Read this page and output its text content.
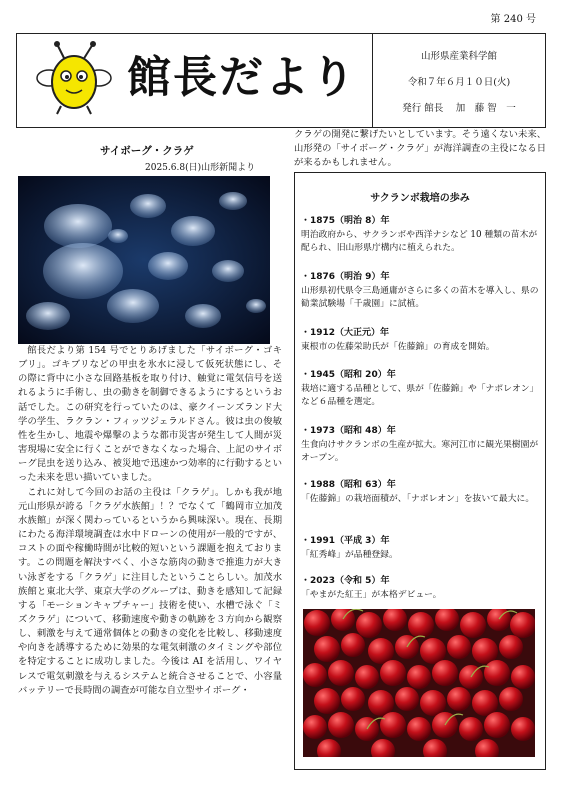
第 240 号
館長だより	山形県産業科学館
令和７年６月１０日(火)
発行 館長　 加　藤 智　一
サイボーグ・クラゲ
2025.6.8(日)山形新聞より

館長だより第 154 号でとりあげました「サイボーグ・ゴキブリ」。ゴキブリなどの甲虫を氷水に浸して仮死状態にし、その際に背中に小さな回路基板を取り付け、触覚に電気信号を送れるように手術し、虫の動きを制御できるようにするというお話でした。この研究を行っていたのは、豪クイーンズランド大学の学生、ラクラン・フィッツジェラルドさん。彼は虫の俊敏性を生かし、地震や爆撃のような都市災害が発生して人間が災害現場に安全に行くことができなくなった場合、上記のサイボーグ昆虫を送り込み、被災地で迅速かつ効率的に行動するといった未来を思い描いていました。

これに対して今回のお話の主役は「クラゲ」。しかも我が地元山形県が誇る「クラゲ水族館」！？でなくて「鶴岡市立加茂水族館」が深く関わっているというから興味深い。現在、長期にわたる海洋環境調査は水中ドローンの使用が一般的ですが、コストの面や稼働時間が比較的短いという課題を抱えております。この問題を解決すべく、小さな筋肉の動きで推進力が大きい泳ぎをする「クラゲ」に注目したということらしい。加茂水族館と東北大学、東京大学のグループは、動きを感知して記録する「モーションキャプチャー」技術を使い、水槽で泳ぐ「ミズクラゲ」について、移動速度や動きの軌跡を３方向から観察し、刺激を与えて通常個体との動きの変化を比較し、移動速度や向きを誘導するために効果的な電気刺激のタイミングや部位を特定することに成功しました。今後は AI を活用し、ワイヤレスで電気刺激を与えるシステムと統合させることで、小容量バッテリーで長時間の調査が可能な自立型サイボーグ・

クラゲの開発に繋げたいとしています。そう遠くない未来、山形発の「サイボーグ・クラゲ」が海洋調査の主役になる日が来るかもしれません。

サクランボ栽培の歩み
・1875（明治 8）年
明治政府から、サクランボや西洋ナシなど 10 種類の苗木が配られ、旧山形県庁構内に植えられた。
・1876（明治 9）年
山形県初代県令三島通庸がさらに多くの苗木を導入し、県の勧業試験場「千歳園」に試植。
・1912（大正元）年
東根市の佐藤栄助氏が「佐藤錦」の育成を開始。
・1945（昭和 20）年
栽培に適する品種として、県が「佐藤錦」や「ナポレオン」など６品種を選定。
・1973（昭和 48）年
生食向けサクランボの生産が拡大。寒河江市に観光果樹園がオープン。
・1988（昭和 63）年
「佐藤錦」の栽培面積が、「ナポレオン」を抜いて最大に。
・1991（平成 3）年
「紅秀峰」が品種登録。
・2023（令和 5）年
「やまがた紅王」が本格デビュー。
